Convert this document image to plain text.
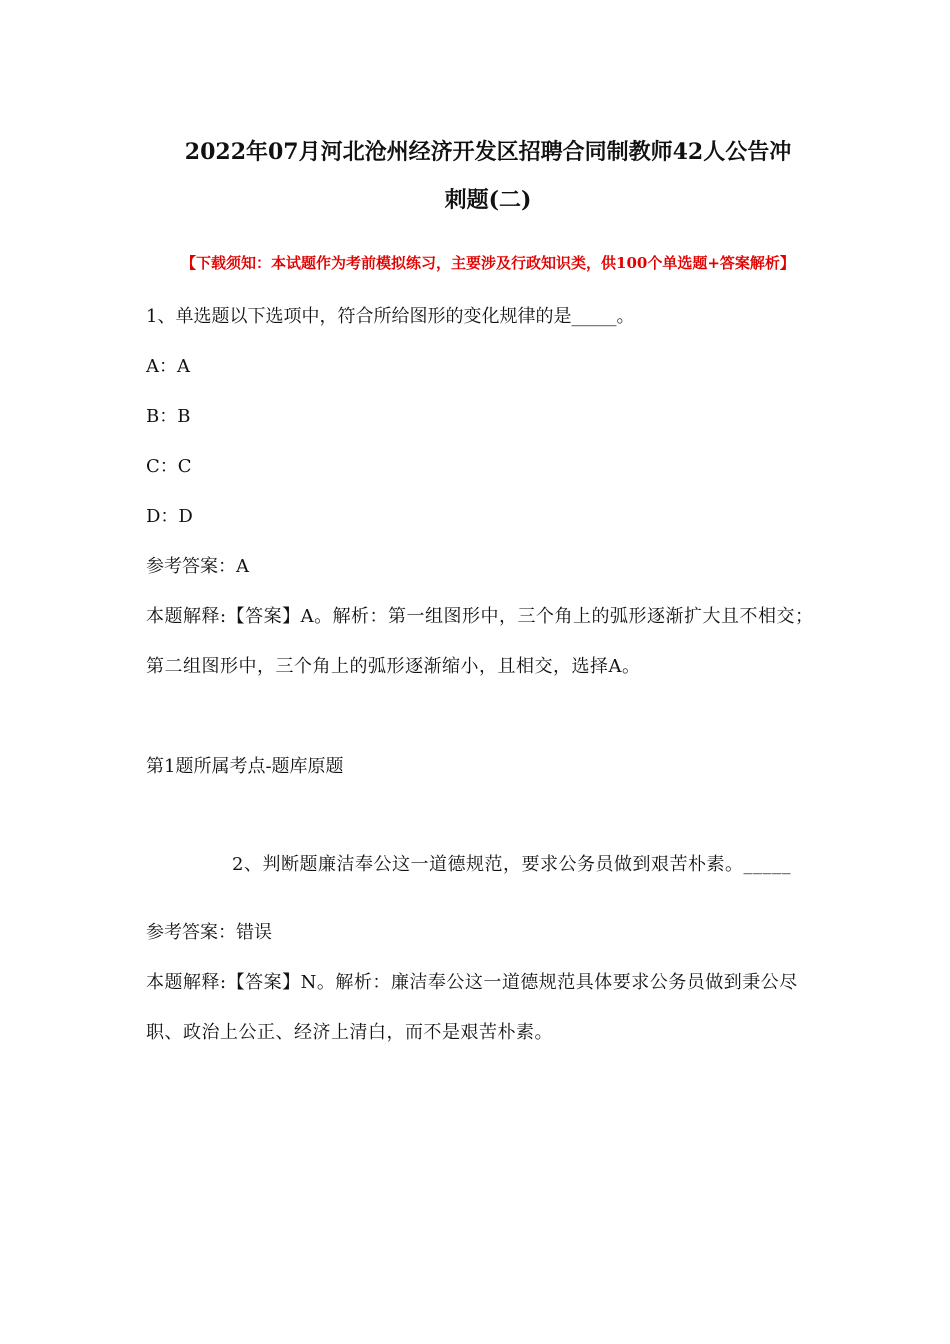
2022年07月河北沧州经济开发区招聘合同制教师42人公告冲
刺题(二)
【下载须知：本试题作为考前模拟练习，主要涉及行政知识类，供100个单选题+答案解析】

1、单选题以下选项中，符合所给图形的变化规律的是_____。

A：A

B：B

C：C

D：D

参考答案：A

本题解释:【答案】A。解析：第一组图形中，三个角上的弧形逐渐扩大且不相交；第二组图形中，三个角上的弧形逐渐缩小，且相交，选择A。

第1题所属考点-题库原题

2、判断题廉洁奉公这一道德规范，要求公务员做到艰苦朴素。_____

参考答案：错误

本题解释:【答案】N。解析：廉洁奉公这一道德规范具体要求公务员做到秉公尽职、政治上公正、经济上清白，而不是艰苦朴素。
